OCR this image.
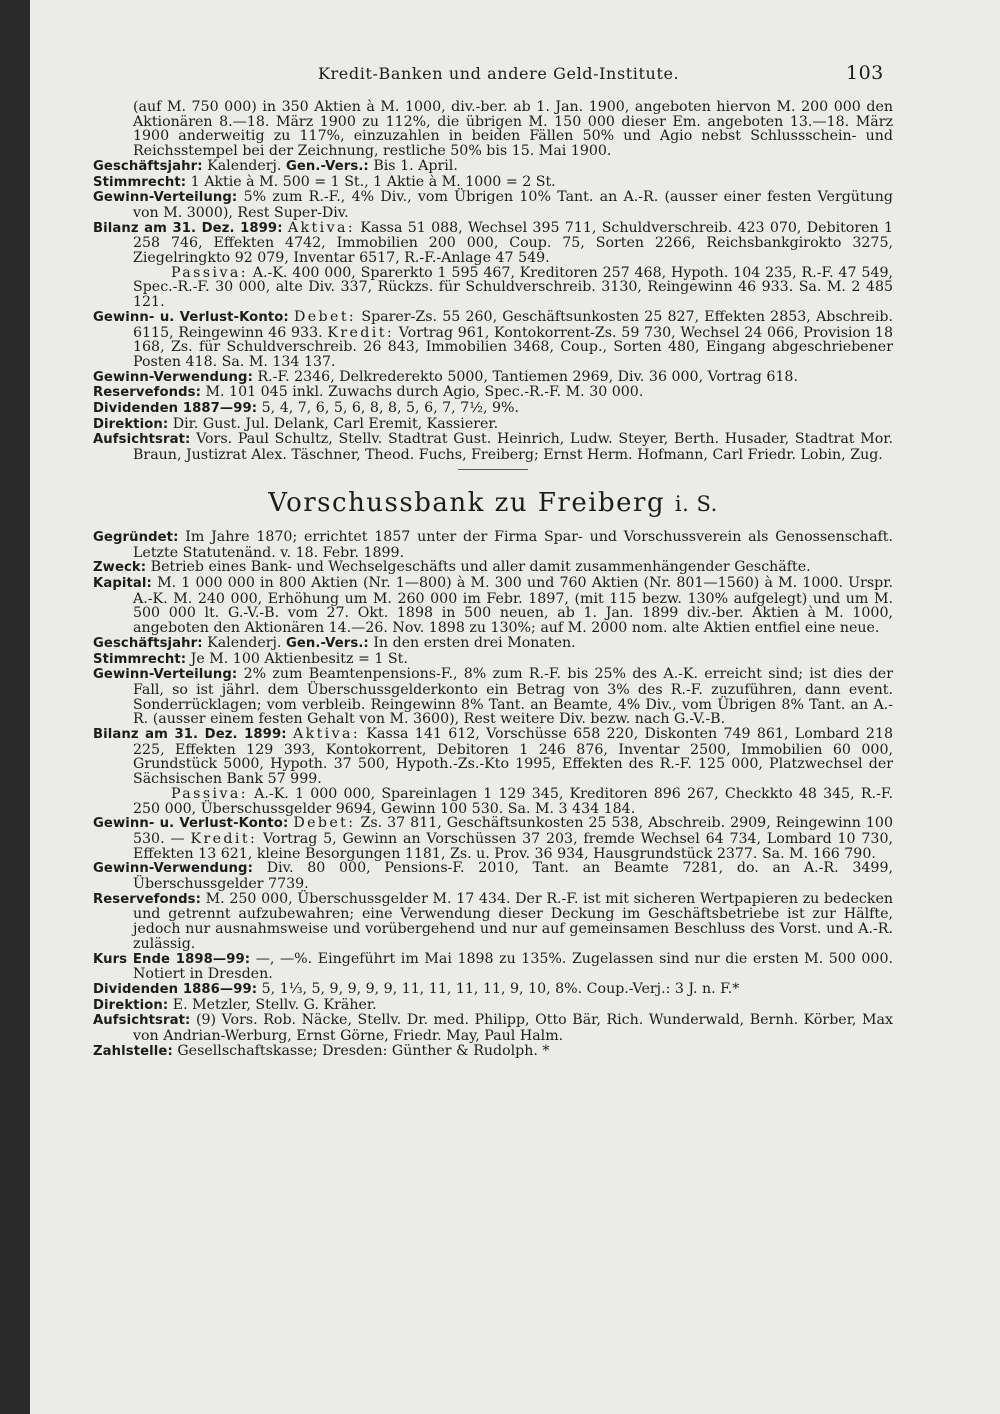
Kredit-Banken und andere Geld-Institute.	103

(auf M. 750 000) in 350 Aktien à M. 1000, div.-ber. ab 1. Jan. 1900, angeboten hiervon M. 200 000 den Aktionären 8.—18. März 1900 zu 112%, die übrigen M. 150 000 dieser Em. angeboten 13.—18. März 1900 anderweitig zu 117%, einzuzahlen in beiden Fällen 50% und Agio nebst Schlussschein- und Reichsstempel bei der Zeichnung, restliche 50% bis 15. Mai 1900.

Geschäftsjahr: Kalenderj. Gen.-Vers.: Bis 1. April.

Stimmrecht: 1 Aktie à M. 500 = 1 St., 1 Aktie à M. 1000 = 2 St.

Gewinn-Verteilung: 5% zum R.-F., 4% Div., vom Übrigen 10% Tant. an A.-R. (ausser einer festen Vergütung von M. 3000), Rest Super-Div.

Bilanz am 31. Dez. 1899: Aktiva: Kassa 51 088, Wechsel 395 711, Schuldverschreib. 423 070, Debitoren 1 258 746, Effekten 4742, Immobilien 200 000, Coup. 75, Sorten 2266, Reichsbankgirokto 3275, Ziegelringkto 92 079, Inventar 6517, R.-F.-Anlage 47 549.

Passiva: A.-K. 400 000, Sparerkto 1 595 467, Kreditoren 257 468, Hypoth. 104 235, R.-F. 47 549, Spec.-R.-F. 30 000, alte Div. 337, Rückzs. für Schuldverschreib. 3130, Reingewinn 46 933. Sa. M. 2 485 121.

Gewinn- u. Verlust-Konto: Debet: Sparer-Zs. 55 260, Geschäftsunkosten 25 827, Effekten 2853, Abschreib. 6115, Reingewinn 46 933. Kredit: Vortrag 961, Kontokorrent-Zs. 59 730, Wechsel 24 066, Provision 18 168, Zs. für Schuldverschreib. 26 843, Immobilien 3468, Coup., Sorten 480, Eingang abgeschriebener Posten 418. Sa. M. 134 137.

Gewinn-Verwendung: R.-F. 2346, Delkrederekto 5000, Tantiemen 2969, Div. 36 000, Vortrag 618.

Reservefonds: M. 101 045 inkl. Zuwachs durch Agio, Spec.-R.-F. M. 30 000.

Dividenden 1887—99: 5, 4, 7, 6, 5, 6, 8, 8, 5, 6, 7, 7½, 9%.

Direktion: Dir. Gust. Jul. Delank, Carl Eremit, Kassierer.

Aufsichtsrat: Vors. Paul Schultz, Stellv. Stadtrat Gust. Heinrich, Ludw. Steyer, Berth. Husader, Stadtrat Mor. Braun, Justizrat Alex. Täschner, Theod. Fuchs, Freiberg; Ernst Herm. Hofmann, Carl Friedr. Lobin, Zug.

Vorschussbank zu Freiberg i. S.

Gegründet: Im Jahre 1870; errichtet 1857 unter der Firma Spar- und Vorschussverein als Genossenschaft. Letzte Statutenänd. v. 18. Febr. 1899.

Zweck: Betrieb eines Bank- und Wechselgeschäfts und aller damit zusammenhängender Geschäfte.

Kapital: M. 1 000 000 in 800 Aktien (Nr. 1—800) à M. 300 und 760 Aktien (Nr. 801—1560) à M. 1000. Urspr. A.-K. M. 240 000, Erhöhung um M. 260 000 im Febr. 1897, (mit 115 bezw. 130% aufgelegt) und um M. 500 000 lt. G.-V.-B. vom 27. Okt. 1898 in 500 neuen, ab 1. Jan. 1899 div.-ber. Aktien à M. 1000, angeboten den Aktionären 14.—26. Nov. 1898 zu 130%; auf M. 2000 nom. alte Aktien entfiel eine neue.

Geschäftsjahr: Kalenderj. Gen.-Vers.: In den ersten drei Monaten.

Stimmrecht: Je M. 100 Aktienbesitz = 1 St.

Gewinn-Verteilung: 2% zum Beamtenpensions-F., 8% zum R.-F. bis 25% des A.-K. erreicht sind; ist dies der Fall, so ist jährl. dem Überschussgelderkonto ein Betrag von 3% des R.-F. zuzuführen, dann event. Sonderrücklagen; vom verbleib. Reingewinn 8% Tant. an Beamte, 4% Div., vom Übrigen 8% Tant. an A.-R. (ausser einem festen Gehalt von M. 3600), Rest weitere Div. bezw. nach G.-V.-B.

Bilanz am 31. Dez. 1899: Aktiva: Kassa 141 612, Vorschüsse 658 220, Diskonten 749 861, Lombard 218 225, Effekten 129 393, Kontokorrent, Debitoren 1 246 876, Inventar 2500, Immobilien 60 000, Grundstück 5000, Hypoth. 37 500, Hypoth.-Zs.-Kto 1995, Effekten des R.-F. 125 000, Platzwechsel der Sächsischen Bank 57 999.

Passiva: A.-K. 1 000 000, Spareinlagen 1 129 345, Kreditoren 896 267, Checkkto 48 345, R.-F. 250 000, Überschussgelder 9694, Gewinn 100 530. Sa. M. 3 434 184.

Gewinn- u. Verlust-Konto: Debet: Zs. 37 811, Geschäftsunkosten 25 538, Abschreib. 2909, Reingewinn 100 530. — Kredit: Vortrag 5, Gewinn an Vorschüssen 37 203, fremde Wechsel 64 734, Lombard 10 730, Effekten 13 621, kleine Besorgungen 1181, Zs. u. Prov. 36 934, Hausgrundstück 2377. Sa. M. 166 790.

Gewinn-Verwendung: Div. 80 000, Pensions-F. 2010, Tant. an Beamte 7281, do. an A.-R. 3499, Überschussgelder 7739.

Reservefonds: M. 250 000, Überschussgelder M. 17 434. Der R.-F. ist mit sicheren Wertpapieren zu bedecken und getrennt aufzubewahren; eine Verwendung dieser Deckung im Geschäftsbetriebe ist zur Hälfte, jedoch nur ausnahmsweise und vorübergehend und nur auf gemeinsamen Beschluss des Vorst. und A.-R. zulässig.

Kurs Ende 1898—99: —, —%. Eingeführt im Mai 1898 zu 135%. Zugelassen sind nur die ersten M. 500 000. Notiert in Dresden.

Dividenden 1886—99: 5, 1⅓, 5, 9, 9, 9, 9, 11, 11, 11, 11, 9, 10, 8%. Coup.-Verj.: 3 J. n. F.*

Direktion: E. Metzler, Stellv. G. Kräher.

Aufsichtsrat: (9) Vors. Rob. Näcke, Stellv. Dr. med. Philipp, Otto Bär, Rich. Wunderwald, Bernh. Körber, Max von Andrian-Werburg, Ernst Görne, Friedr. May, Paul Halm.

Zahlstelle: Gesellschaftskasse; Dresden: Günther & Rudolph. *
